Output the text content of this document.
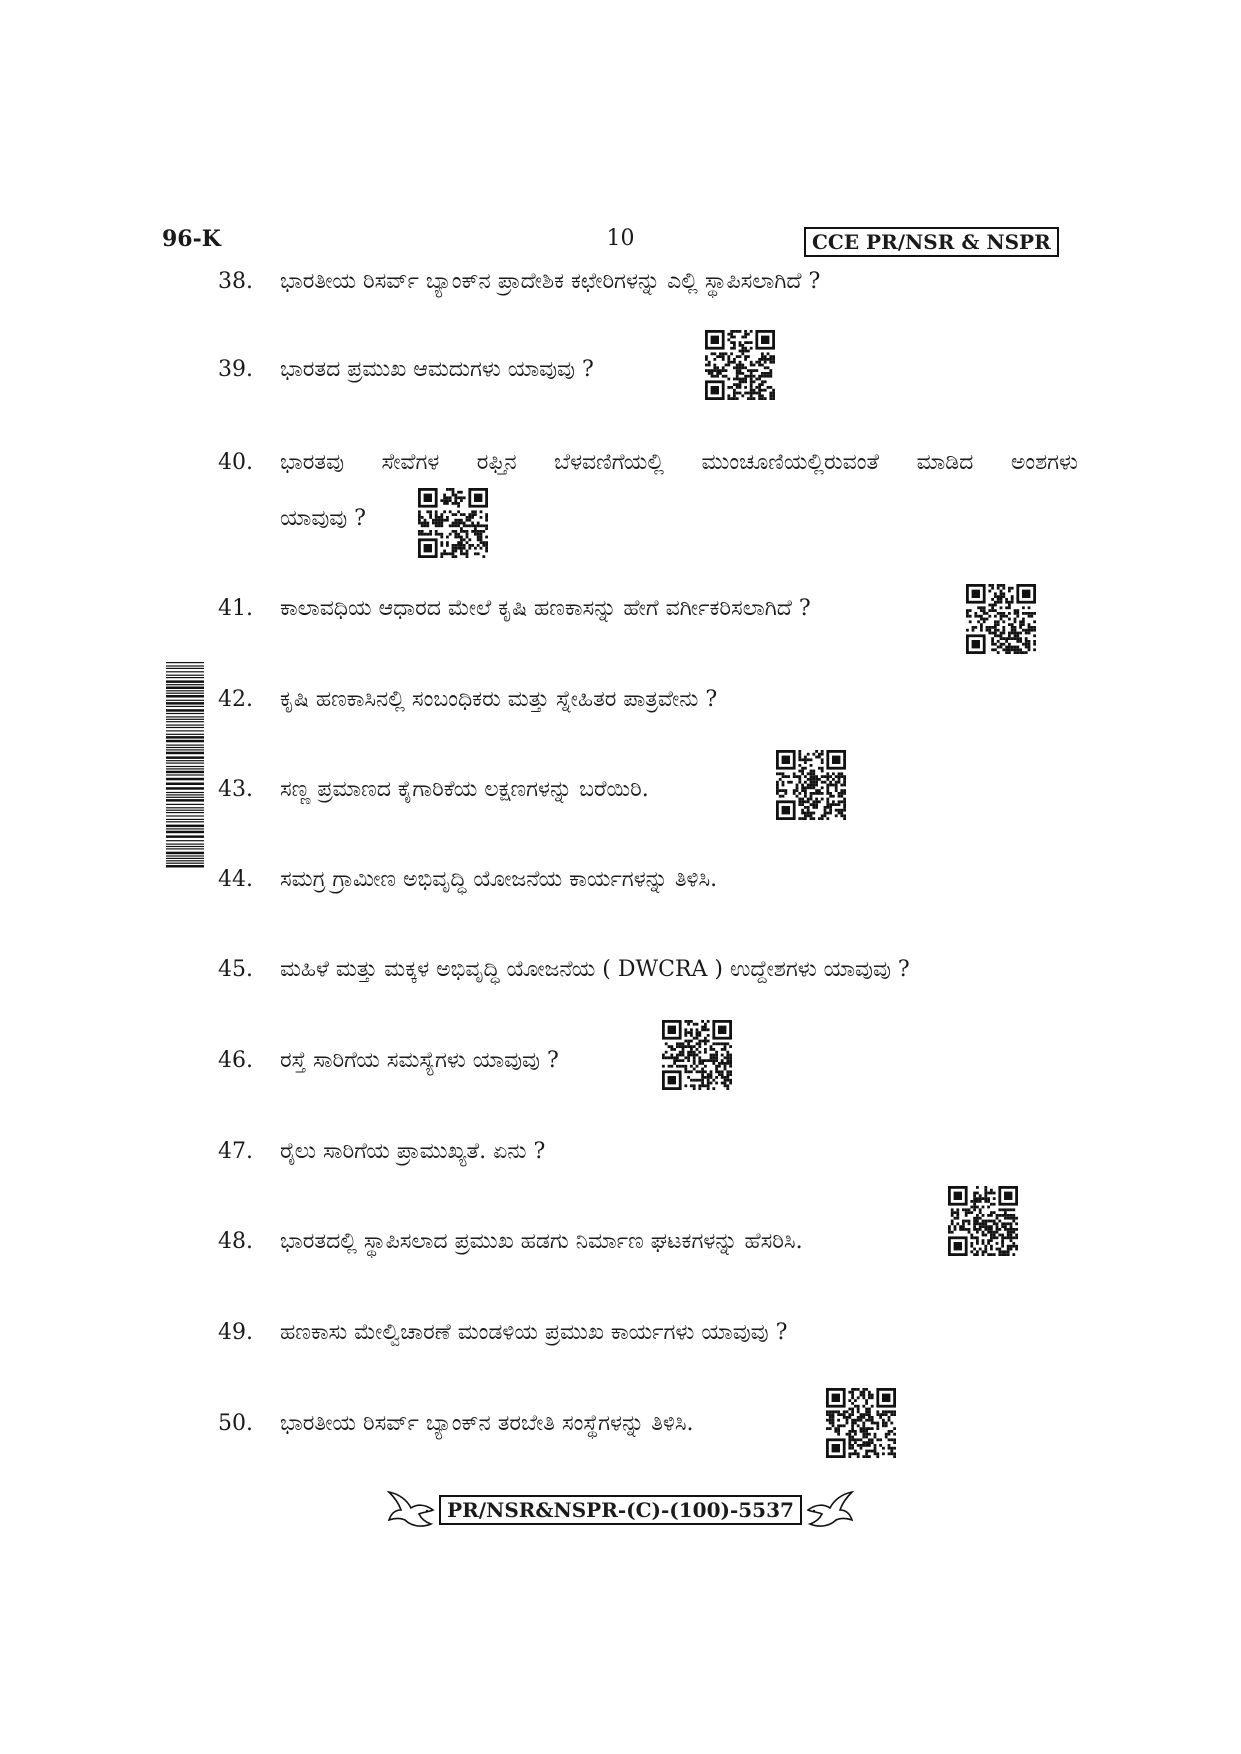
96-K	10	CCE PR/NSR & NSPR
38. ಭಾರತೀಯ ರಿಸರ್ವ್ ಬ್ಯಾಂಕ್‌ನ ಪ್ರಾದೇಶಿಕ ಕಛೇರಿಗಳನ್ನು ಎಲ್ಲಿ ಸ್ಥಾಪಿಸಲಾಗಿದೆ ?
39. ಭಾರತದ ಪ್ರಮುಖ ಆಮದುಗಳು ಯಾವುವು ?
40. ಭಾರತವು ಸೇವೆಗಳ ರಫ್ತಿನ ಬೆಳವಣಿಗೆಯಲ್ಲಿ ಮುಂಚೂಣಿಯಲ್ಲಿರುವಂತೆ ಮಾಡಿದ ಅಂಶಗಳು
ಯಾವುವು ?
41. ಕಾಲಾವಧಿಯ ಆಧಾರದ ಮೇಲೆ ಕೃಷಿ ಹಣಕಾಸನ್ನು ಹೇಗೆ ವರ್ಗೀಕರಿಸಲಾಗಿದೆ ?
42. ಕೃಷಿ ಹಣಕಾಸಿನಲ್ಲಿ ಸಂಬಂಧಿಕರು ಮತ್ತು ಸ್ನೇಹಿತರ ಪಾತ್ರವೇನು ?
43. ಸಣ್ಣ ಪ್ರಮಾಣದ ಕೈಗಾರಿಕೆಯ ಲಕ್ಷಣಗಳನ್ನು ಬರೆಯಿರಿ.
44. ಸಮಗ್ರ ಗ್ರಾಮೀಣ ಅಭಿವೃದ್ಧಿ ಯೋಜನೆಯ ಕಾರ್ಯಗಳನ್ನು ತಿಳಿಸಿ.
45. ಮಹಿಳೆ ಮತ್ತು ಮಕ್ಕಳ ಅಭಿವೃದ್ಧಿ ಯೋಜನೆಯ ( DWCRA ) ಉದ್ದೇಶಗಳು ಯಾವುವು ?
46. ರಸ್ತೆ ಸಾರಿಗೆಯ ಸಮಸ್ಯೆಗಳು ಯಾವುವು ?
47. ರೈಲು ಸಾರಿಗೆಯ ಪ್ರಾಮುಖ್ಯತೆ. ಏನು ?
48. ಭಾರತದಲ್ಲಿ ಸ್ಥಾಪಿಸಲಾದ ಪ್ರಮುಖ ಹಡಗು ನಿರ್ಮಾಣ ಘಟಕಗಳನ್ನು ಹೆಸರಿಸಿ.
49. ಹಣಕಾಸು ಮೇಲ್ವಿಚಾರಣೆ ಮಂಡಳಿಯ ಪ್ರಮುಖ ಕಾರ್ಯಗಳು ಯಾವುವು ?
50. ಭಾರತೀಯ ರಿಸರ್ವ್ ಬ್ಯಾಂಕ್‌ನ ತರಬೇತಿ ಸಂಸ್ಥೆಗಳನ್ನು ತಿಳಿಸಿ.
PR/NSR&NSPR-(C)-(100)-5537
